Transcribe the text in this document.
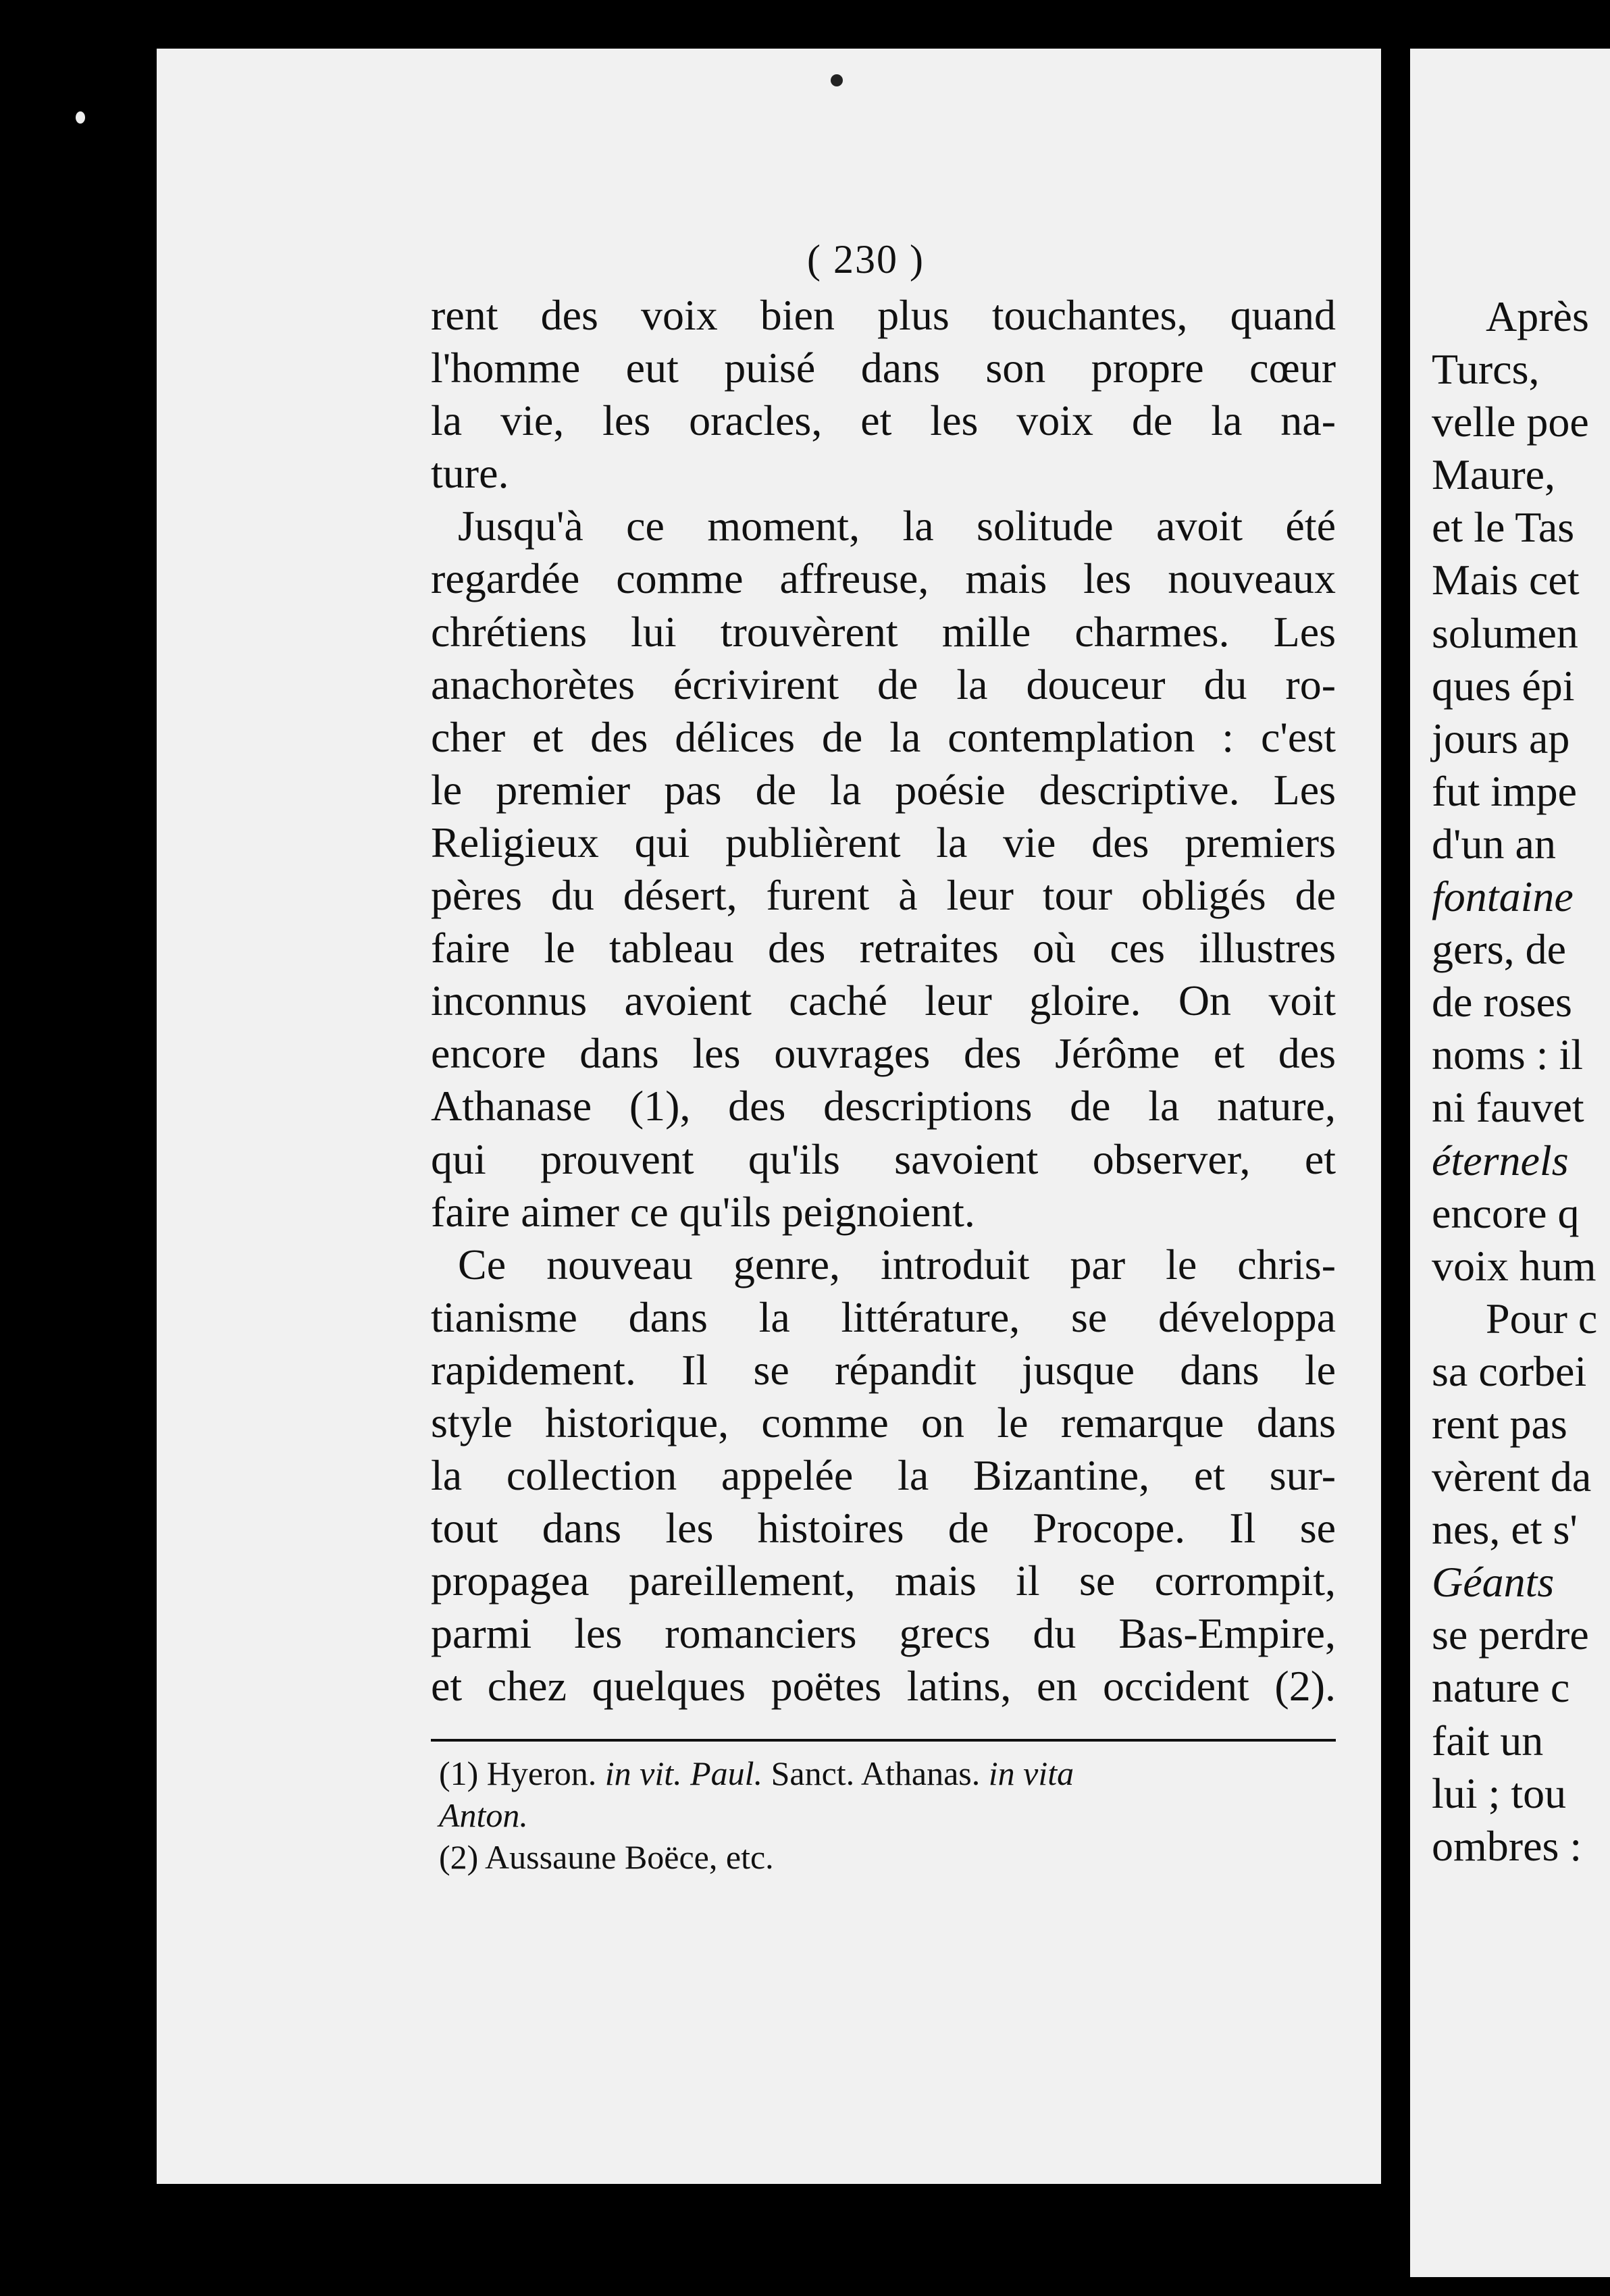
( 230 )
rent des voix bien plus touchantes, quand
l'homme eut puisé dans son propre cœur
la vie, les oracles, et les voix de la na-
ture.
Jusqu'à ce moment, la solitude avoit été
regardée comme affreuse, mais les nouveaux
chrétiens lui trouvèrent mille charmes. Les
anachorètes écrivirent de la douceur du ro-
cher et des délices de la contemplation : c'est
le premier pas de la poésie descriptive. Les
Religieux qui publièrent la vie des premiers
pères du désert, furent à leur tour obligés de
faire le tableau des retraites où ces illustres
inconnus avoient caché leur gloire. On voit
encore dans les ouvrages des Jérôme et des
Athanase (1), des descriptions de la nature,
qui prouvent qu'ils savoient observer, et
faire aimer ce qu'ils peignoient.
Ce nouveau genre, introduit par le chris-
tianisme dans la littérature, se développa
rapidement. Il se répandit jusque dans le
style historique, comme on le remarque dans
la collection appelée la Bizantine, et sur-
tout dans les histoires de Procope. Il se
propagea pareillement, mais il se corrompit,
parmi les romanciers grecs du Bas-Empire,
et chez quelques poëtes latins, en occident (2).
(1) Hyeron. in vit. Paul. Sanct. Athanas. in vita
Anton.
(2) Aussaune Boëce, etc.
Après
Turcs,
velle poe
Maure,
et le Tas
Mais cet
solumen
ques épi
jours ap
fut impe
d'un an
fontaine
gers, de
de roses
noms : il
ni fauvet
éternels
encore q
voix hum
Pour c
sa corbei
rent pas
vèrent da
nes, et s'
Géants
se perdre
nature c
fait un
lui ; tou
ombres :
